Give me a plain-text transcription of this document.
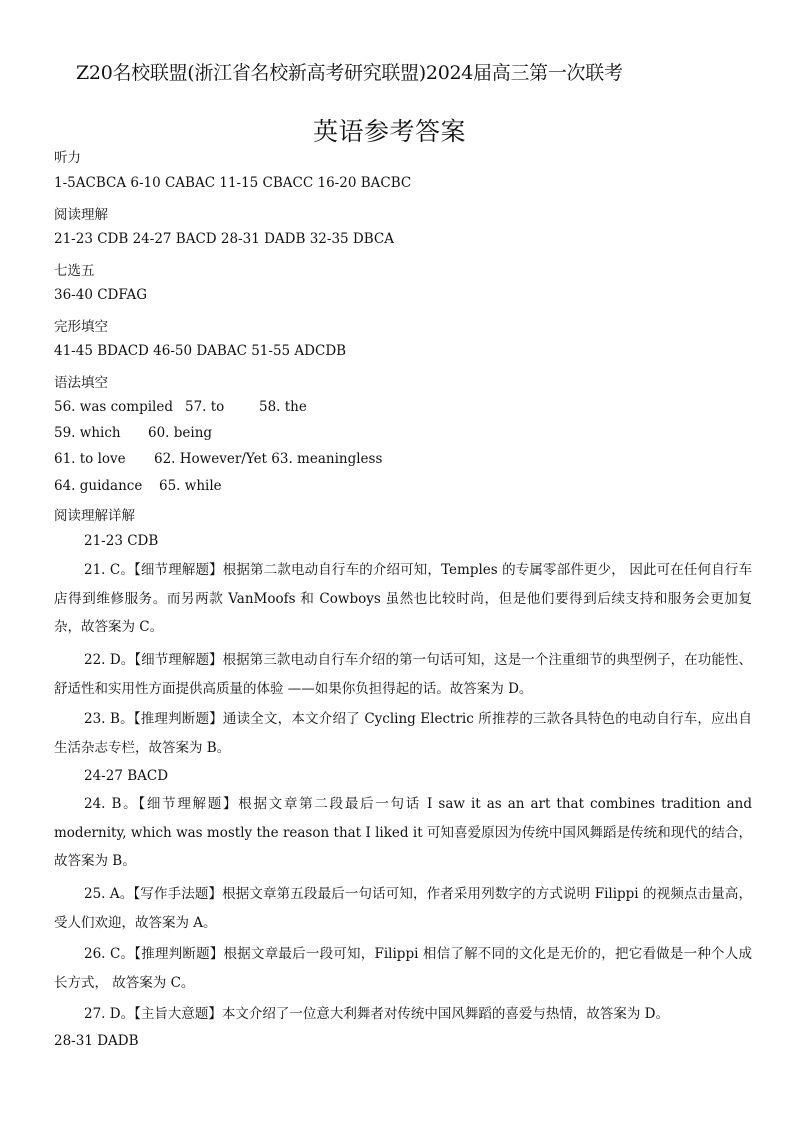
Z20名校联盟(浙江省名校新高考研究联盟)2024届高三第一次联考
英语参考答案
听力
1-5ACBCA 6-10 CABAC 11-15 CBACC 16-20 BACBC
阅读理解
21-23 CDB 24-27 BACD 28-31 DADB 32-35 DBCA
七选五
36-40 CDFAG
完形填空
41-45 BDACD 46-50 DABAC 51-55 ADCDB
语法填空
56. was compiled 57. to	58. the
59. which 60. being
61. to love 62. However/Yet 63. meaningless
64. guidance 65. while
阅读理解详解
21-23 CDB
21. C。【细节理解题】根据第二款电动自行车的介绍可知，Temples 的专属零部件更少， 因此可在任何自行车店得到维修服务。而另两款 VanMoofs 和 Cowboys 虽然也比较时尚，但是他们要得到后续支持和服务会更加复杂，故答案为 C。
22. D。【细节理解题】根据第三款电动自行车介绍的第一句话可知，这是一个注重细节的典型例子，在功能性、舒适性和实用性方面提供高质量的体验 ——如果你负担得起的话。故答案为 D。
23. B。【推理判断题】通读全文，本文介绍了 Cycling Electric 所推荐的三款各具特色的电动自行车，应出自生活杂志专栏，故答案为 B。
24-27 BACD
24. B。【细节理解题】根据文章第二段最后一句话 I saw it as an art that combines tradition and modernity, which was mostly the reason that I liked it 可知喜爱原因为传统中国风舞蹈是传统和现代的结合，故答案为 B。
25. A。【写作手法题】根据文章第五段最后一句话可知，作者采用列数字的方式说明 Filippi 的视频点击量高，受人们欢迎，故答案为 A。
26. C。【推理判断题】根据文章最后一段可知，Filippi 相信了解不同的文化是无价的，把它看做是一种个人成长方式， 故答案为 C。
27. D。【主旨大意题】本文介绍了一位意大利舞者对传统中国风舞蹈的喜爱与热情，故答案为 D。
28-31 DADB
